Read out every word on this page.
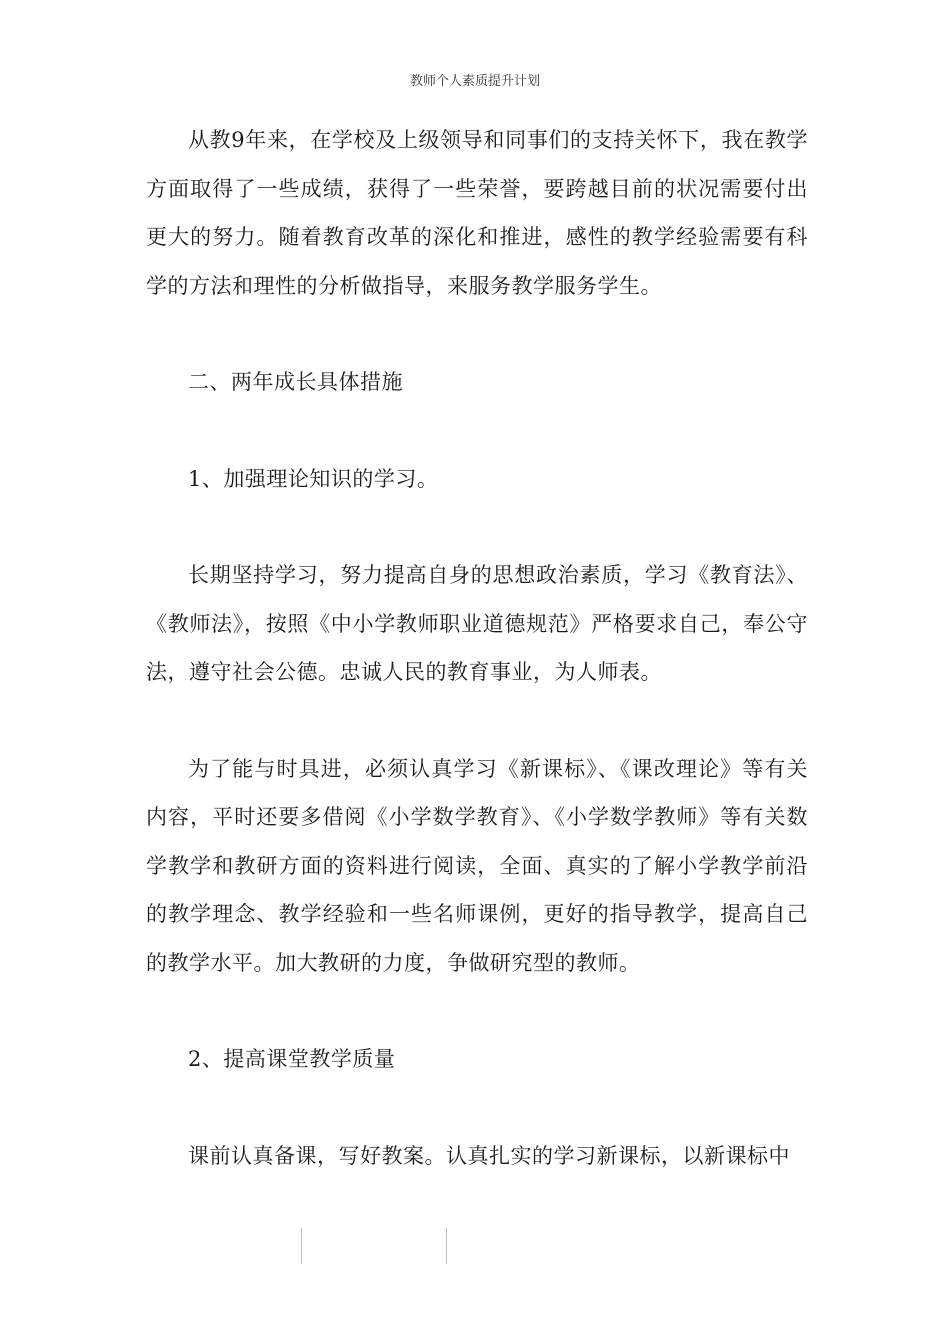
教师个人素质提升计划

从教9年来，在学校及上级领导和同事们的支持关怀下，我在教学方面取得了一些成绩，获得了一些荣誉，要跨越目前的状况需要付出更大的努力。随着教育改革的深化和推进，感性的教学经验需要有科学的方法和理性的分析做指导，来服务教学服务学生。

二、两年成长具体措施

1、加强理论知识的学习。

长期坚持学习，努力提高自身的思想政治素质，学习《教育法》、《教师法》，按照《中小学教师职业道德规范》严格要求自己，奉公守法，遵守社会公德。忠诚人民的教育事业，为人师表。

为了能与时具进，必须认真学习《新课标》、《课改理论》等有关内容，平时还要多借阅《小学数学教育》、《小学数学教师》等有关数学教学和教研方面的资料进行阅读，全面、真实的了解小学教学前沿的教学理念、教学经验和一些名师课例，更好的指导教学，提高自己的教学水平。加大教研的力度，争做研究型的教师。

2、提高课堂教学质量

课前认真备课，写好教案。认真扎实的学习新课标，以新课标中
